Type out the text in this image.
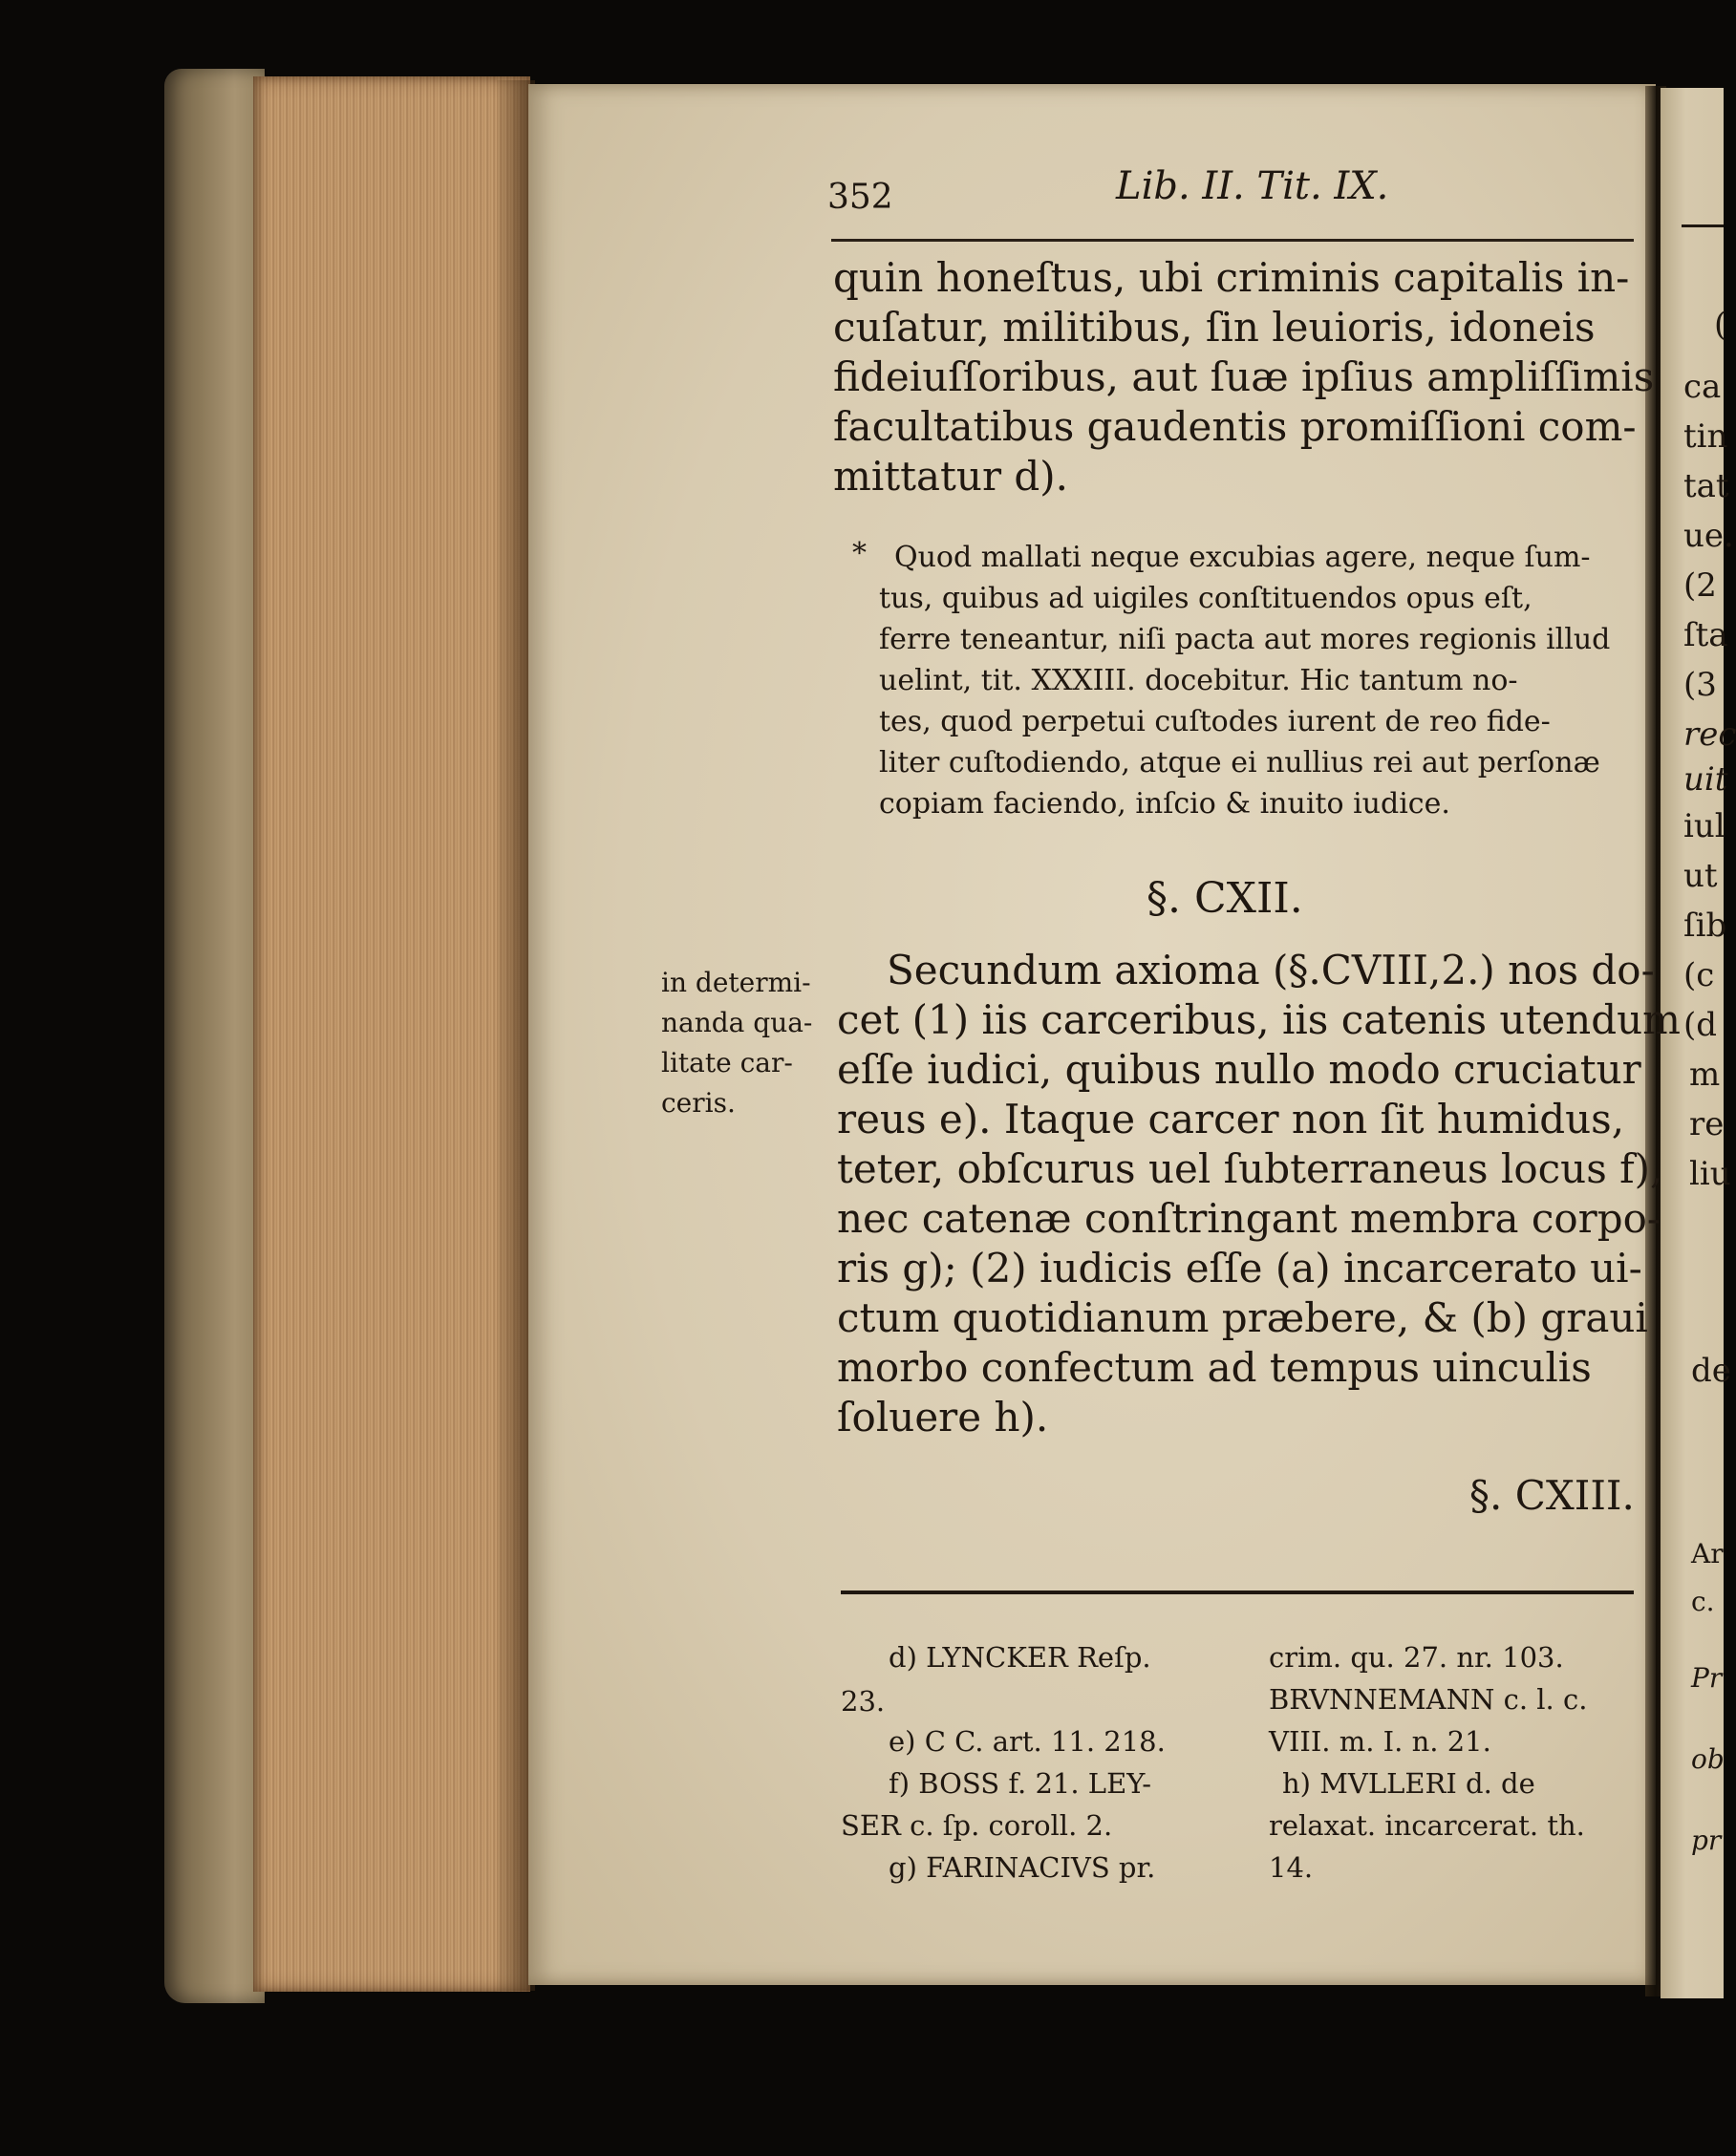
352	Lib. II. Tit. IX.
quin honeſtus, ubi criminis capitalis in-
cuſatur, militibus, ſin leuioris, idoneis
fideiuſſoribus, aut ſuæ ipſius ampliſſimis
facultatibus gaudentis promiſſioni com-
mittatur d).
* Quod mallati neque excubias agere, neque ſum-
tus, quibus ad uigiles conſtituendos opus eſt,
ferre teneantur, niſi pacta aut mores regionis illud
uelint, tit. XXXIII. docebitur. Hic tantum no-
tes, quod perpetui cuſtodes iurent de reo fide-
liter cuſtodiendo, atque ei nullius rei aut perſonæ
copiam faciendo, inſcio & inuito iudice.
§. CXII.
in determi-
nanda qua-
litate car-
ceris.
Secundum axioma (§.CVIII,2.) nos do-
cet (1) iis carceribus, iis catenis utendum
eſſe iudici, quibus nullo modo cruciatur
reus e). Itaque carcer non ſit humidus,
teter, obſcurus uel ſubterraneus locus f),
nec catenæ conſtringant membra corpo-
ris g); (2) iudicis eſſe (a) incarcerato ui-
ctum quotidianum præbere, & (b) graui
morbo confectum ad tempus uinculis
ſoluere h).
§. CXIII.
d) LYNCKER Reſp.
23.
e) C C. art. 11. 218.
f) BOSS f. 21. LEY-
SER c. ſp. coroll. 2.
g) FARINACIVS pr.
crim. qu. 27. nr. 103.
BRVNNEMANN c. l. c.
VIII. m. I. n. 21.
h) MVLLERI d. de
relaxat. incarcerat. th.
14.
(
ca
tin
tat
ue.
(2
ſta
(3
rec
uit
iul
ut
ſib
(c
(d
m
re
liu
de
Ar
c.
Pr
ob
pr
